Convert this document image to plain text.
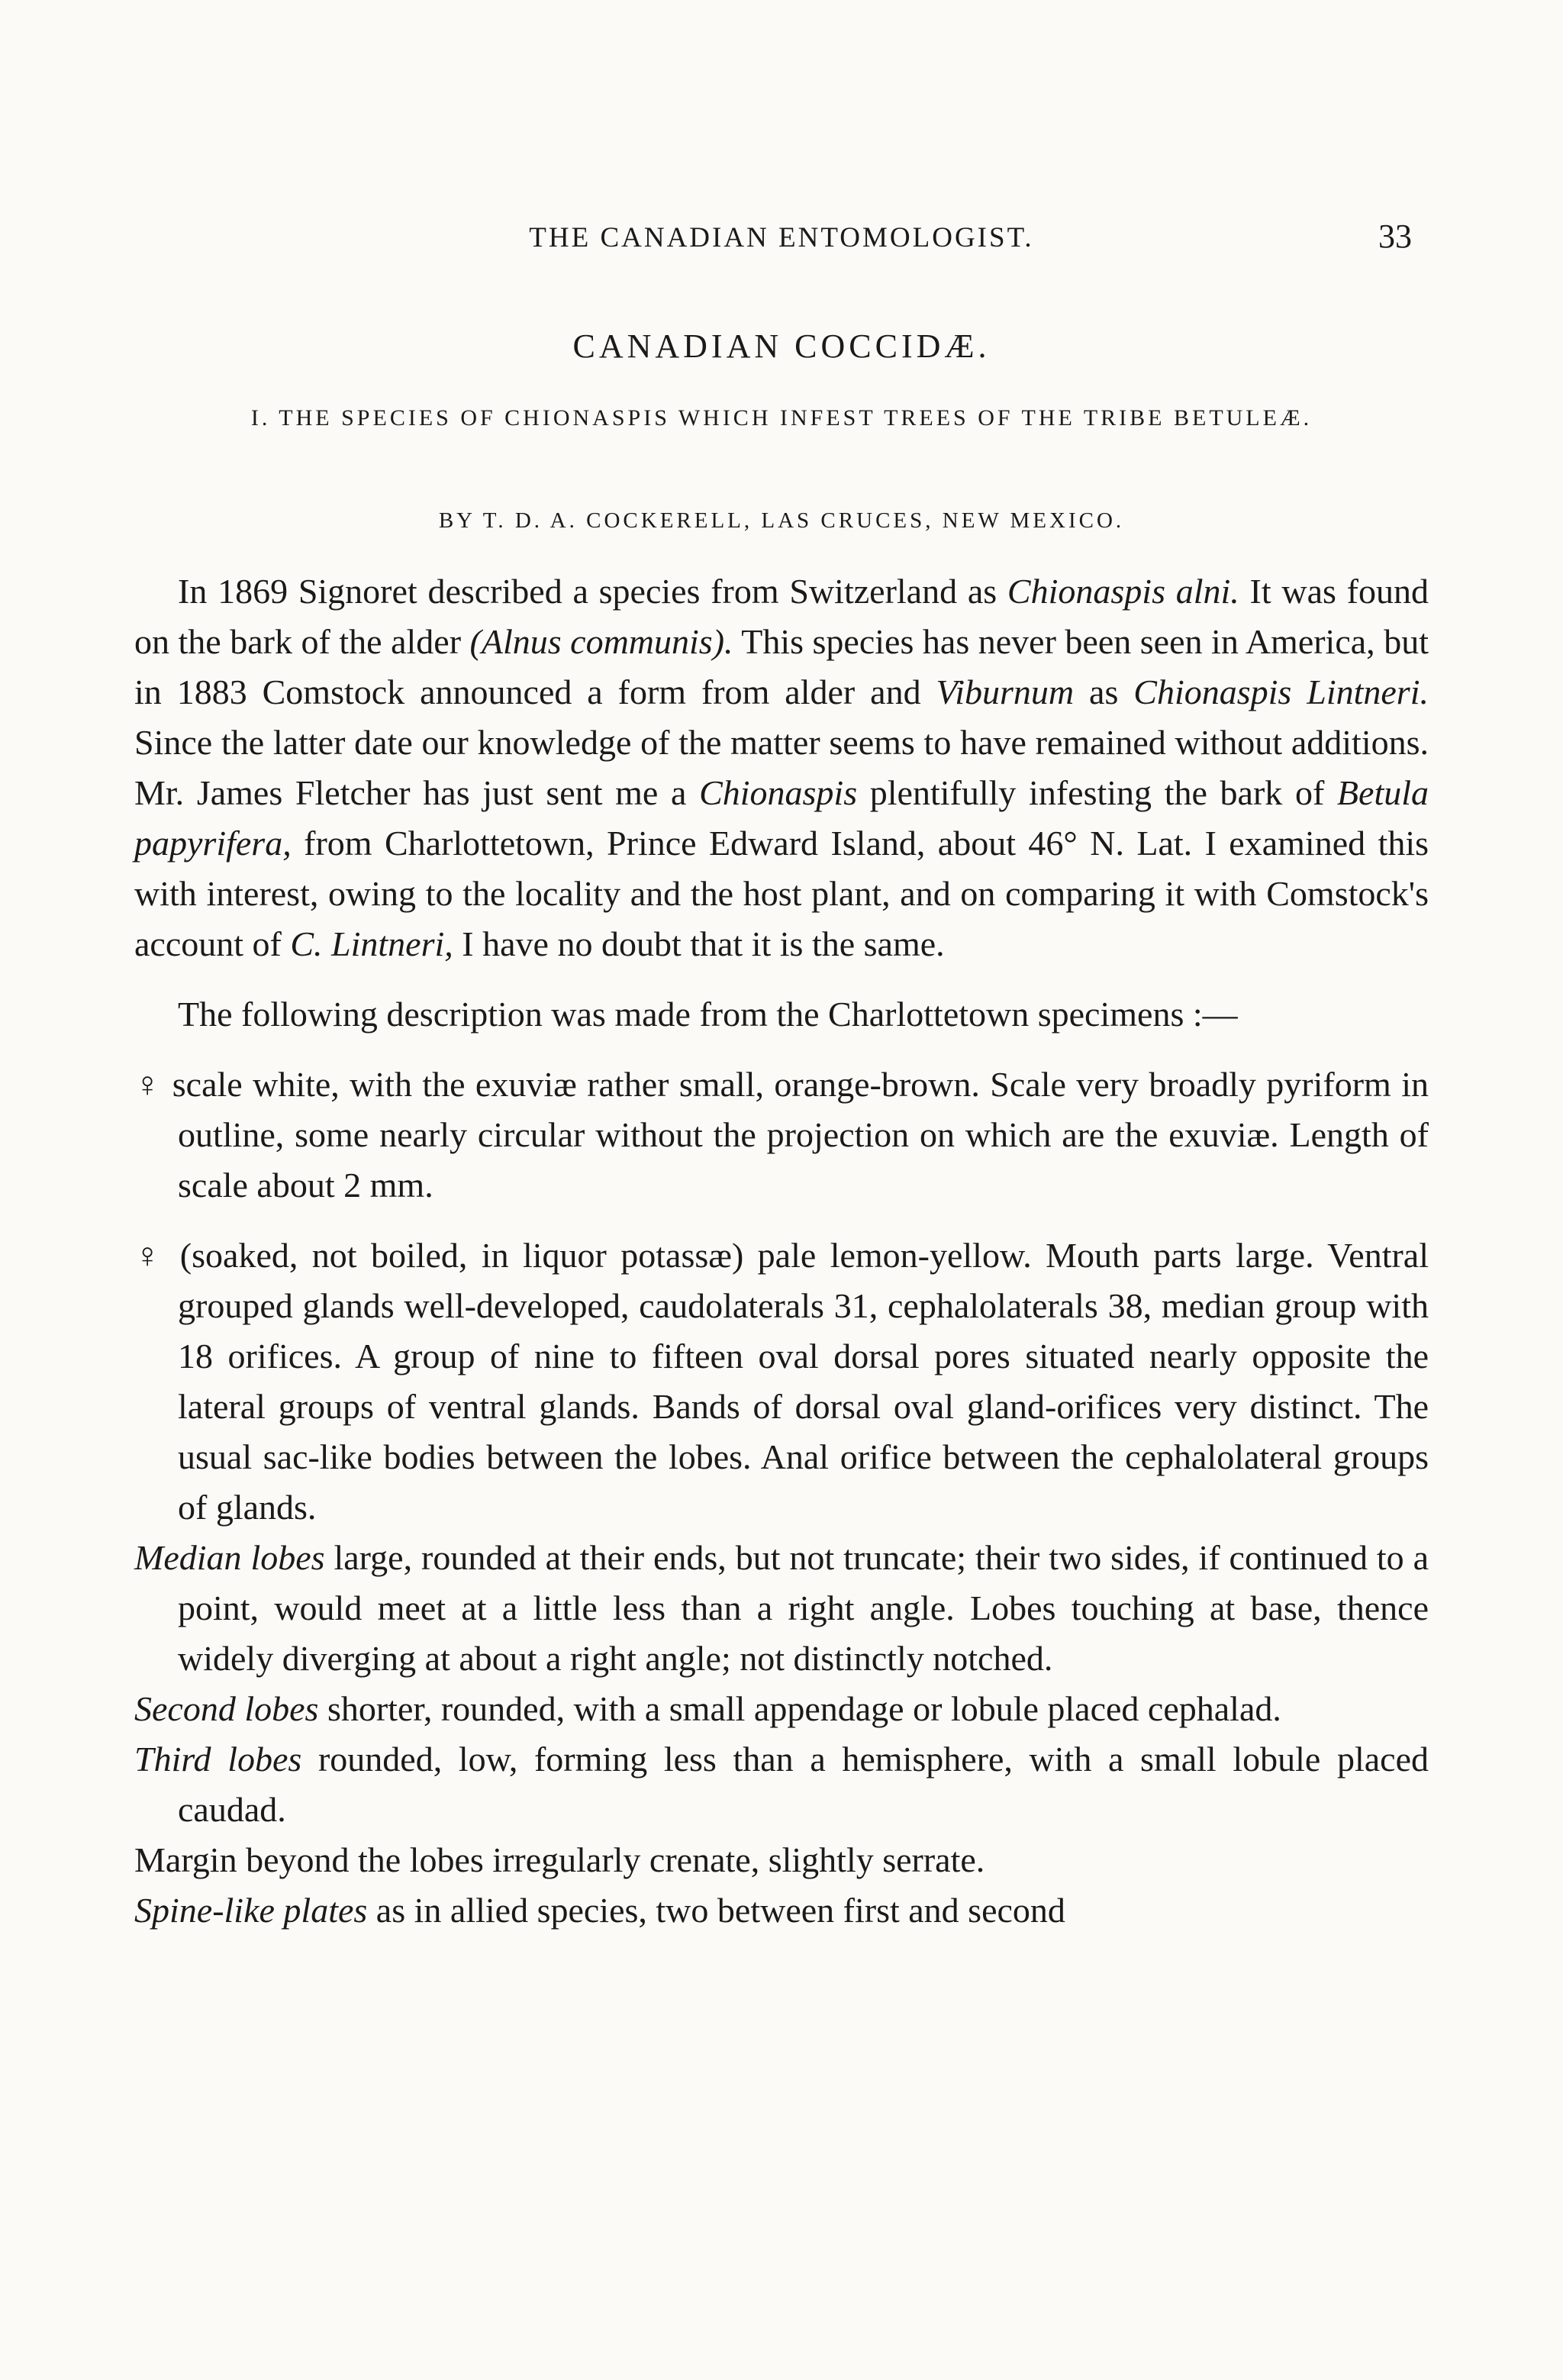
THE CANADIAN ENTOMOLOGIST.	33
CANADIAN COCCIDÆ.
I. THE SPECIES OF CHIONASPIS WHICH INFEST TREES OF THE TRIBE BETULEÆ.
BY T. D. A. COCKERELL, LAS CRUCES, NEW MEXICO.

In 1869 Signoret described a species from Switzerland as Chionaspis alni. It was found on the bark of the alder (Alnus communis). This species has never been seen in America, but in 1883 Comstock announced a form from alder and Viburnum as Chionaspis Lintneri. Since the latter date our knowledge of the matter seems to have remained without additions. Mr. James Fletcher has just sent me a Chionaspis plentifully infesting the bark of Betula papyrifera, from Charlottetown, Prince Edward Island, about 46° N. Lat. I examined this with interest, owing to the locality and the host plant, and on comparing it with Comstock's account of C. Lintneri, I have no doubt that it is the same.

The following description was made from the Charlottetown specimens :—

♀ scale white, with the exuviæ rather small, orange-brown. Scale very broadly pyriform in outline, some nearly circular without the projection on which are the exuviæ. Length of scale about 2 mm.

♀ (soaked, not boiled, in liquor potassæ) pale lemon-yellow. Mouth parts large. Ventral grouped glands well-developed, caudolaterals 31, cephalolaterals 38, median group with 18 orifices. A group of nine to fifteen oval dorsal pores situated nearly opposite the lateral groups of ventral glands. Bands of dorsal oval gland-orifices very distinct. The usual sac-like bodies between the lobes. Anal orifice between the cephalolateral groups of glands.

Median lobes large, rounded at their ends, but not truncate; their two sides, if continued to a point, would meet at a little less than a right angle. Lobes touching at base, thence widely diverging at about a right angle; not distinctly notched.

Second lobes shorter, rounded, with a small appendage or lobule placed cephalad.

Third lobes rounded, low, forming less than a hemisphere, with a small lobule placed caudad.

Margin beyond the lobes irregularly crenate, slightly serrate.

Spine-like plates as in allied species, two between first and second
